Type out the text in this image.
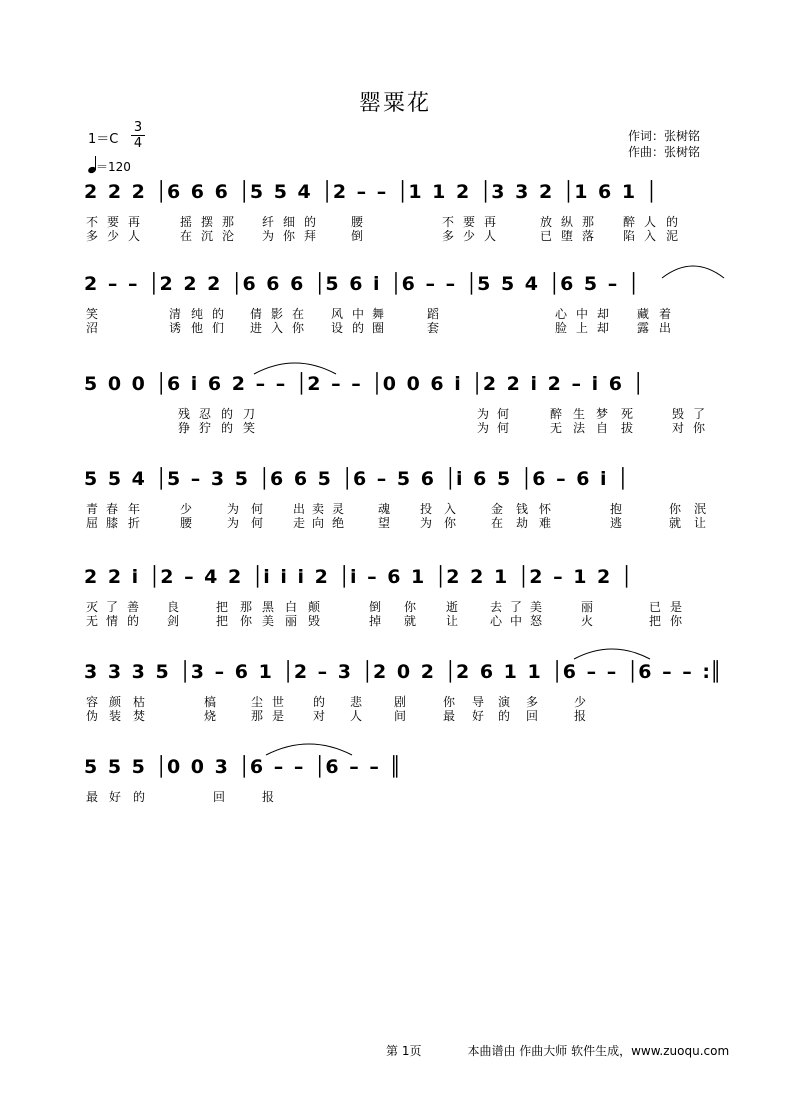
罂粟花
1＝C
3
4
＝120
作词：张树铭
作曲：张树铭
2 2 2 │6 6 6 │5 5 4 │2 – – │1 1 2 │3 3 2 │1 6 1 │
不 要 再	摇 摆 那 纤 细 的	腰	不 要 再	放 纵 那 醉 人 的
多 少 人	在 沉 沦 为 你 拜	倒	多 少 人	已 堕 落 陷 入 泥
2 – – │2 2 2 │6 6 6 │5 6 i │6 – – │5 5 4 │6 5 – │
笑	清 纯 的 倩 影 在 风 中 舞	蹈	心 中 却 藏 着
沼	诱 他 们 进 入 你 设 的 圈	套	脸 上 却 露 出
5 0 0 │6 i 6 2 – – │2 – – │0 0 6 i │2 2 i 2 – i 6 │
残 忍 的 刀	为 何	醉 生 梦 死	毁 了
狰 狞 的 笑	为 何	无 法 自 拔	对 你
5 5 4 │5 – 3 5 │6 6 5 │6 – 5 6 │i 6 5 │6 – 6 i │
青 春 年	少	为 何 出 卖 灵	魂 投 入	金 钱 怀	抱	你 泯
屈 膝 折	腰	为 何 走 向 绝	望 为 你	在 劫 难	逃	就 让
2 2 i │2 – 4 2 │i i i 2 │i – 6 1 │2 2 1 │2 – 1 2 │
灭 了 善 良	把 那 黑 白 颠	倒 你 逝	去 了 美	丽	已 是
无 情 的 剑	把 你 美 丽 毁	掉 就 让	心 中 怒	火	把 你
3 3 3 5 │3 – 6 1 │2 – 3 │2 0 2 │2 6 1 1 │6 – – │6 – – :║
容 颜 枯	槁	尘 世 的 悲	剧	你 导 演 多	少
伪 装 焚	烧	那 是 对 人	间	最 好 的 回	报
5 5 5 │0 0 3 │6 – – │6 – – ║
最 好 的	回	报
第 1页	本曲谱由 作曲大师 软件生成，www.zuoqu.com
